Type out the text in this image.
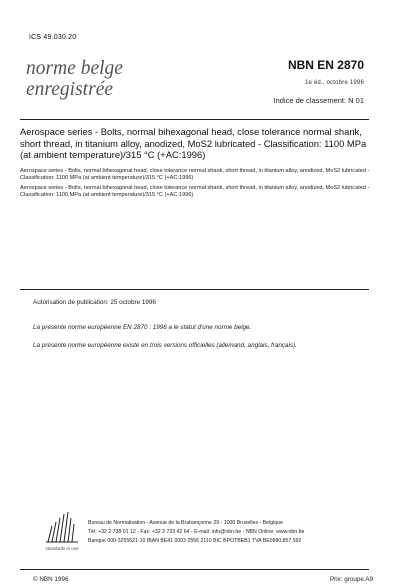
ICS 49.030.20
norme belge
enregistrée
NBN EN 2870
1e éd., octobre 1996
Indice de classement: N 01
Aerospace series - Bolts, normal bihexagonal head, close tolerance normal shank, short thread, in titanium alloy, anodized, MoS2 lubricated - Classification: 1100 MPa (at ambient temperature)/315 °C (+AC:1996)
Aerospace series - Bolts, normal bihexagonal head, close tolerance normal shank, short thread, in titanium alloy, anodized, MoS2 lubricated - Classification: 1100 MPa (at ambient temperature)/315 °C (+AC:1996)
Aerospace series - Bolts, normal bihexagonal head, close tolerance normal shank, short thread, in titanium alloy, anodized, MoS2 lubricated - Classification: 1100 MPa (at ambient temperature)/315 °C (+AC:1996)
Autorisation de publication: 25 octobre 1996
La présente norme européenne EN 2870 : 1996 a le statut d'une norme belge.
La présente norme européenne existe en trois versions officielles (allemand, anglais, français).
standards in use
Bureau de Normalisation - Avenue de la Brabançonne 29 - 1000 Bruxelles - Belgique
Tél: +32 2 738 01 12 - Fax: +32 2 733 42 64 - E-mail: info@nbn.be - NBN Online: www.nbn.be
Banque 000-3255621-10 IBAN BE41 0003 2556 2110 BIC BPOTBEB1 TVA BE0880.857.592
© NBN 1996	Prix: groupe A9
